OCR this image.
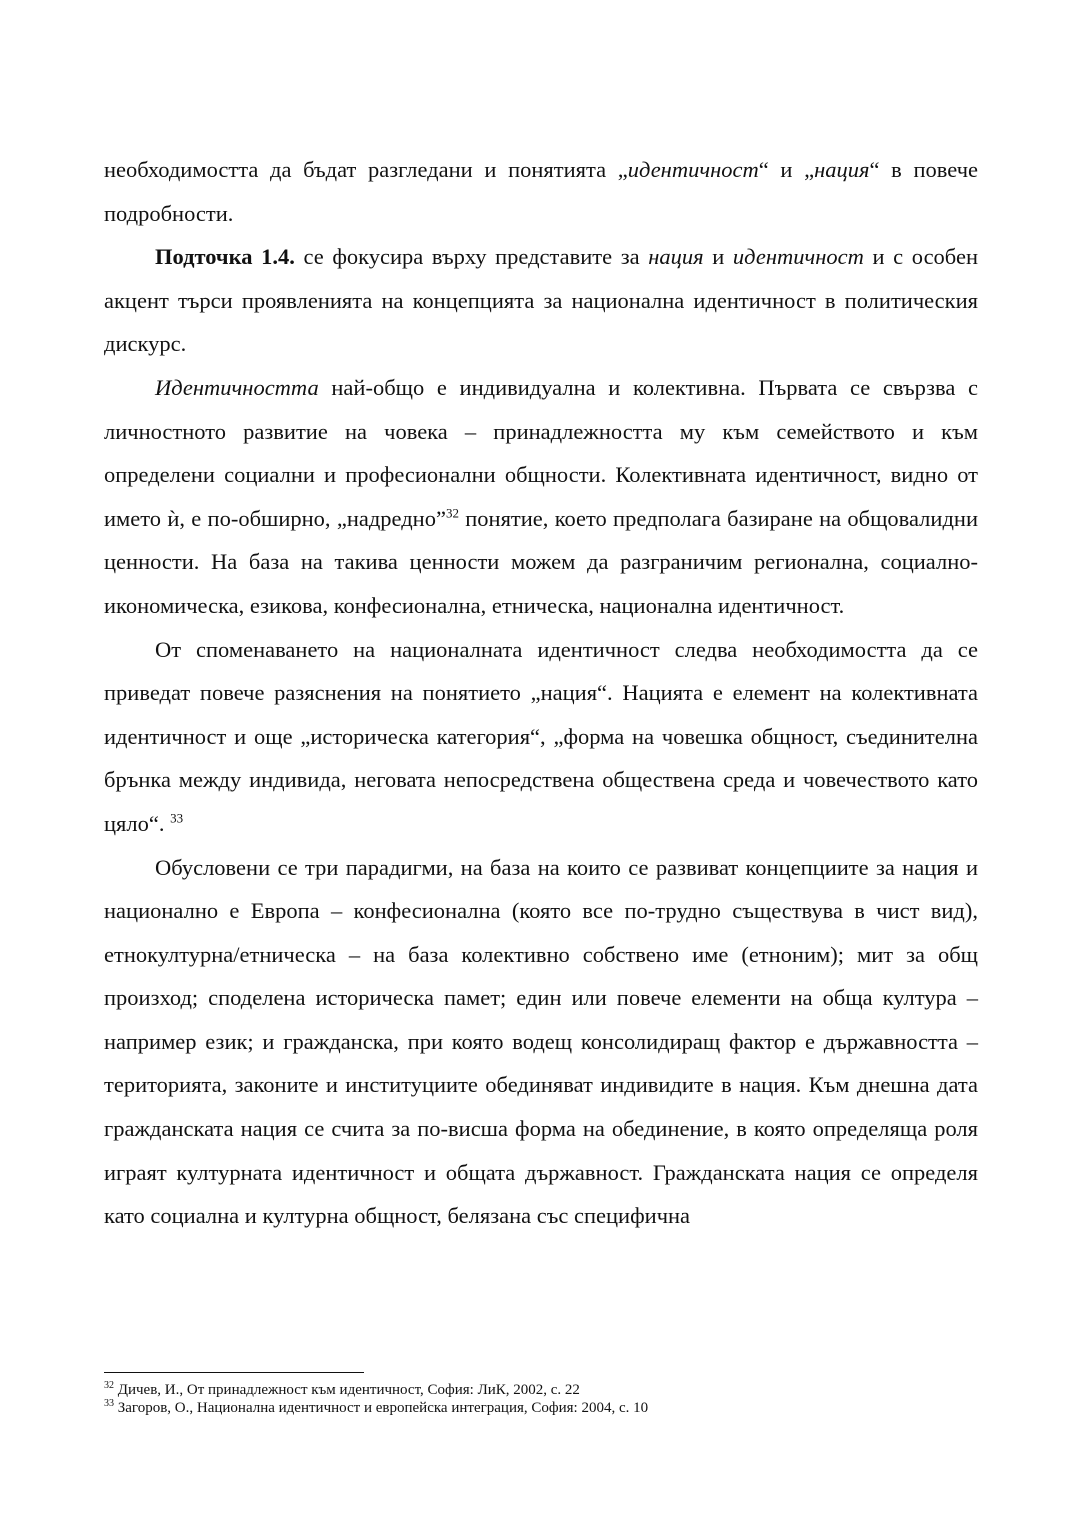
необходимостта да бъдат разгледани и понятията „идентичност“ и „нация“ в повече подробности.

Подточка 1.4. се фокусира върху представите за нация и идентичност и с особен акцент търси проявленията на концепцията за национална идентичност в политическия дискурс.

Идентичността най-общо е индивидуална и колективна. Първата се свързва с личностното развитие на човека – принадлежността му към семейството и към определени социални и професионални общности. Колективната идентичност, видно от името ѝ, е по-обширно, „надредно”$^{32}$ понятие, което предполага базиране на общовалидни ценности. На база на такива ценности можем да разграничим регионална, социално-икономическа, езикова, конфесионална, етническа, национална идентичност.

От споменаването на националната идентичност следва необходимостта да се приведат повече разяснения на понятието „нация“. Нацията е елемент на колективната идентичност и още „историческа категория“, „форма на човешка общност, съединителна брънка между индивида, неговата непосредствена обществена среда и човечеството като цяло“. $^{33}$

Обусловени се три парадигми, на база на които се развиват концепциите за нация и национално е Европа – конфесионална (която все по-трудно съществува в чист вид), етнокултурна/етническа – на база колективно собствено име (етноним); мит за общ произход; споделена историческа памет; един или повече елементи на обща култура – например език; и гражданска, при която водещ консолидиращ фактор е държавността – територията, законите и институциите обединяват индивидите в нация. Към днешна дата гражданската нация се счита за по-висша форма на обединение, в която определяща роля играят културната идентичност и общата държавност. Гражданската нация се определя като социална и културна общност, белязана със специфична

$^{32}$ Дичев, И., От принадлежност към идентичност, София: ЛиК, 2002, с. 22
$^{33}$ Загоров, О., Национална идентичност и европейска интеграция, София: 2004, с. 10
